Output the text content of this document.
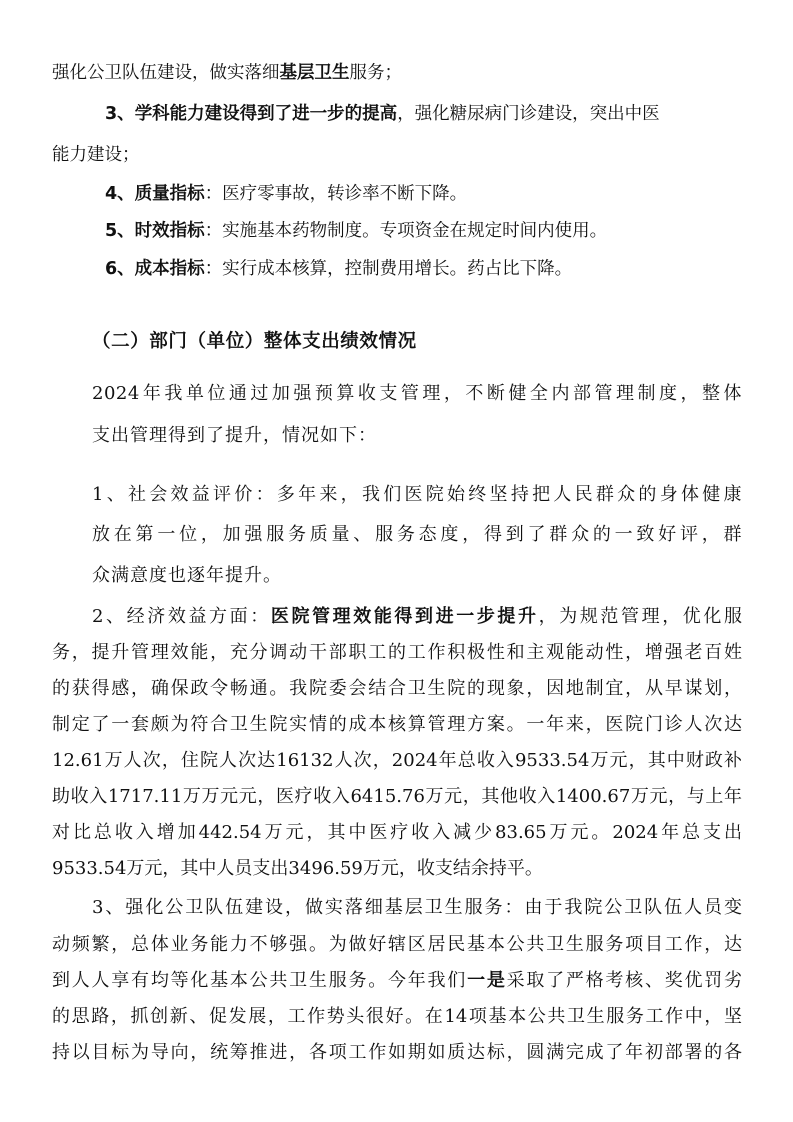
强化公卫队伍建设，做实落细基层卫生服务；
3、学科能力建设得到了进一步的提高，强化糖尿病门诊建设，突出中医
能力建设；
4、质量指标：医疗零事故，转诊率不断下降。
5、时效指标：实施基本药物制度。专项资金在规定时间内使用。
6、成本指标：实行成本核算，控制费用增长。药占比下降。
（二）部门（单位）整体支出绩效情况
2024年我单位通过加强预算收支管理，不断健全内部管理制度，整体
支出管理得到了提升，情况如下：
1、社会效益评价：多年来，我们医院始终坚持把人民群众的身体健康
放在第一位，加强服务质量、服务态度，得到了群众的一致好评，群
众满意度也逐年提升。
2、经济效益方面：医院管理效能得到进一步提升，为规范管理，优化服
务，提升管理效能，充分调动干部职工的工作积极性和主观能动性，增强老百姓
的获得感，确保政令畅通。我院委会结合卫生院的现象，因地制宜，从早谋划，
制定了一套颇为符合卫生院实情的成本核算管理方案。一年来，医院门诊人次达
12.61万人次，住院人次达16132人次，2024年总收入9533.54万元，其中财政补
助收入1717.11万万元元，医疗收入6415.76万元，其他收入1400.67万元，与上年
对比总收入增加442.54万元，其中医疗收入减少83.65万元。2024年总支出
9533.54万元，其中人员支出3496.59万元，收支结余持平。
3、强化公卫队伍建设，做实落细基层卫生服务：由于我院公卫队伍人员变
动频繁，总体业务能力不够强。为做好辖区居民基本公共卫生服务项目工作，达
到人人享有均等化基本公共卫生服务。今年我们一是采取了严格考核、奖优罚劣
的思路，抓创新、促发展，工作势头很好。在14项基本公共卫生服务工作中，坚
持以目标为导向，统筹推进，各项工作如期如质达标，圆满完成了年初部署的各
